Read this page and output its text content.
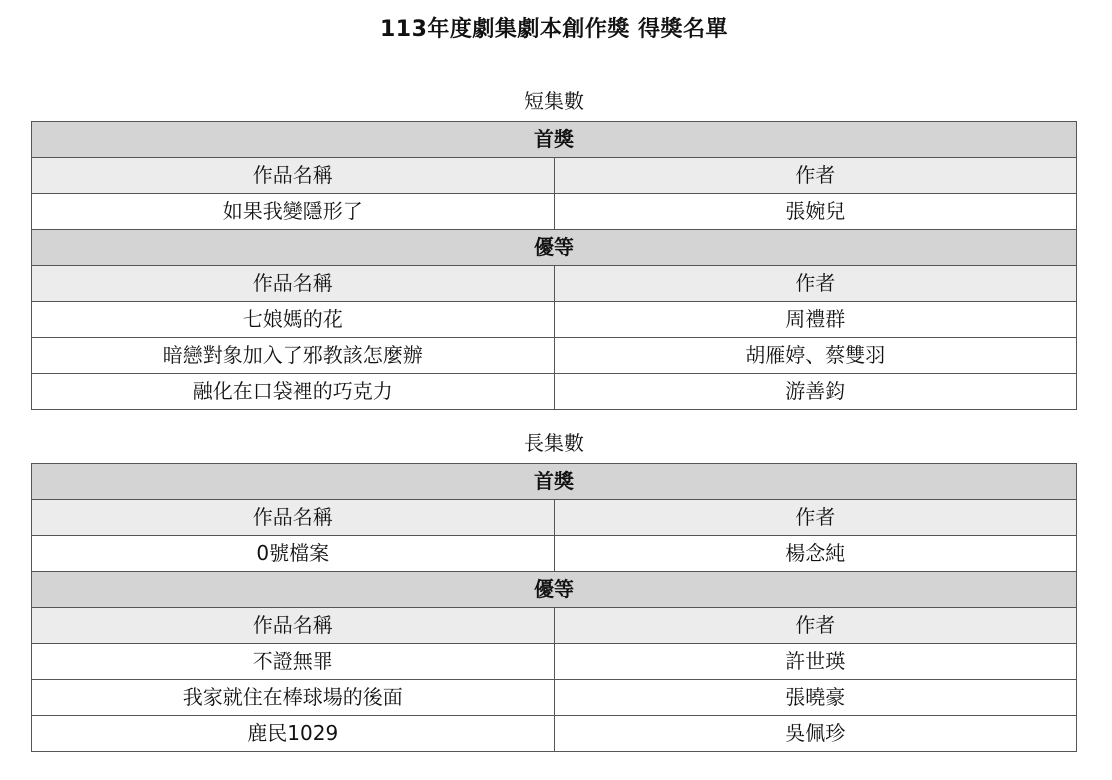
113年度劇集劇本創作獎 得獎名單
短集數
首獎	
作品名稱	作者
如果我變隱形了	張婉兒
優等	
作品名稱	作者
七娘媽的花	周禮群
暗戀對象加入了邪教該怎麼辦	胡雁婷、蔡雙羽
融化在口袋裡的巧克力	游善鈞
長集數
首獎	
作品名稱	作者
0號檔案	楊念純
優等	
作品名稱	作者
不證無罪	許世瑛
我家就住在棒球場的後面	張曉豪
鹿民1029	吳佩珍
